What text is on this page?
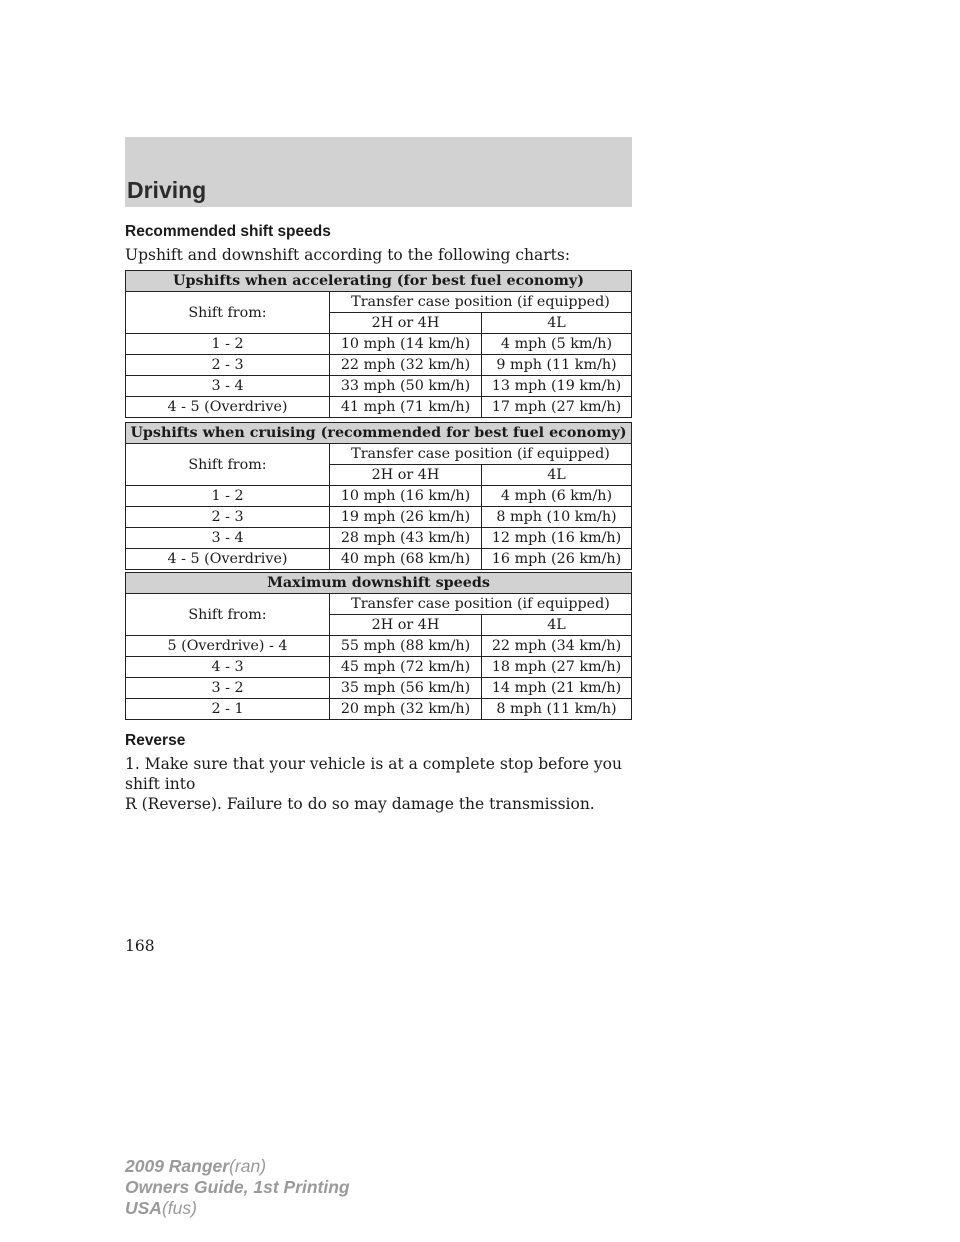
Driving
Recommended shift speeds
Upshift and downshift according to the following charts:
Upshifts when accelerating (for best fuel economy)		
Shift from:	Transfer case position (if equipped)	
	2H or 4H	4L
1 - 2	10 mph (14 km/h)	4 mph (5 km/h)
2 - 3	22 mph (32 km/h)	9 mph (11 km/h)
3 - 4	33 mph (50 km/h)	13 mph (19 km/h)
4 - 5 (Overdrive)	41 mph (71 km/h)	17 mph (27 km/h)
Upshifts when cruising (recommended for best fuel economy)		
Shift from:	Transfer case position (if equipped)	
	2H or 4H	4L
1 - 2	10 mph (16 km/h)	4 mph (6 km/h)
2 - 3	19 mph (26 km/h)	8 mph (10 km/h)
3 - 4	28 mph (43 km/h)	12 mph (16 km/h)
4 - 5 (Overdrive)	40 mph (68 km/h)	16 mph (26 km/h)
Maximum downshift speeds		
Shift from:	Transfer case position (if equipped)	
	2H or 4H	4L
5 (Overdrive) - 4	55 mph (88 km/h)	22 mph (34 km/h)
4 - 3	45 mph (72 km/h)	18 mph (27 km/h)
3 - 2	35 mph (56 km/h)	14 mph (21 km/h)
2 - 1	20 mph (32 km/h)	8 mph (11 km/h)
Reverse
1. Make sure that your vehicle is at a complete stop before you shift into
R (Reverse). Failure to do so may damage the transmission.
168
2009 Ranger(ran)
Owners Guide, 1st Printing
USA(fus)
